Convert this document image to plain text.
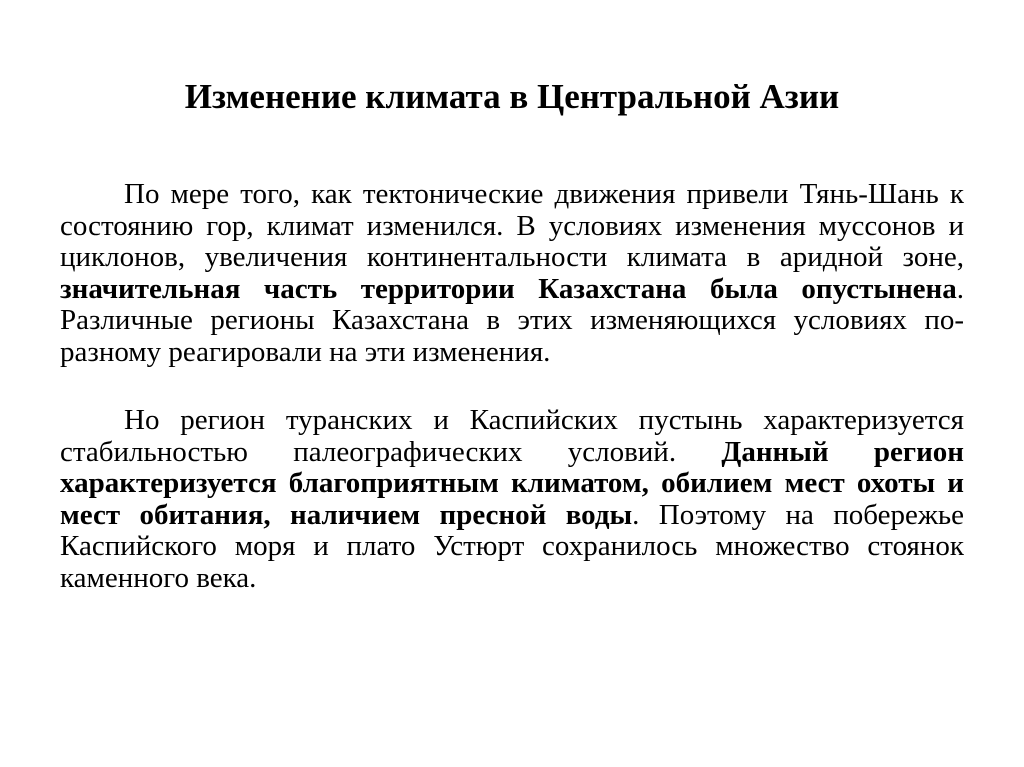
Изменение климата в Центральной Азии

По мере того, как тектонические движения привели Тянь-Шань к состоянию гор, климат изменился. В условиях изменения муссонов и циклонов, увеличения континентальности климата в аридной зоне, значительная часть территории Казахстана была опустынена. Различные регионы Казахстана в этих изменяющихся условиях по-разному реагировали на эти изменения.

Но регион туранских и Каспийских пустынь характеризуется стабильностью палеографических условий. Данный регион характеризуется благоприятным климатом, обилием мест охоты и мест обитания, наличием пресной воды. Поэтому на побережье Каспийского моря и плато Устюрт сохранилось множество стоянок каменного века.
